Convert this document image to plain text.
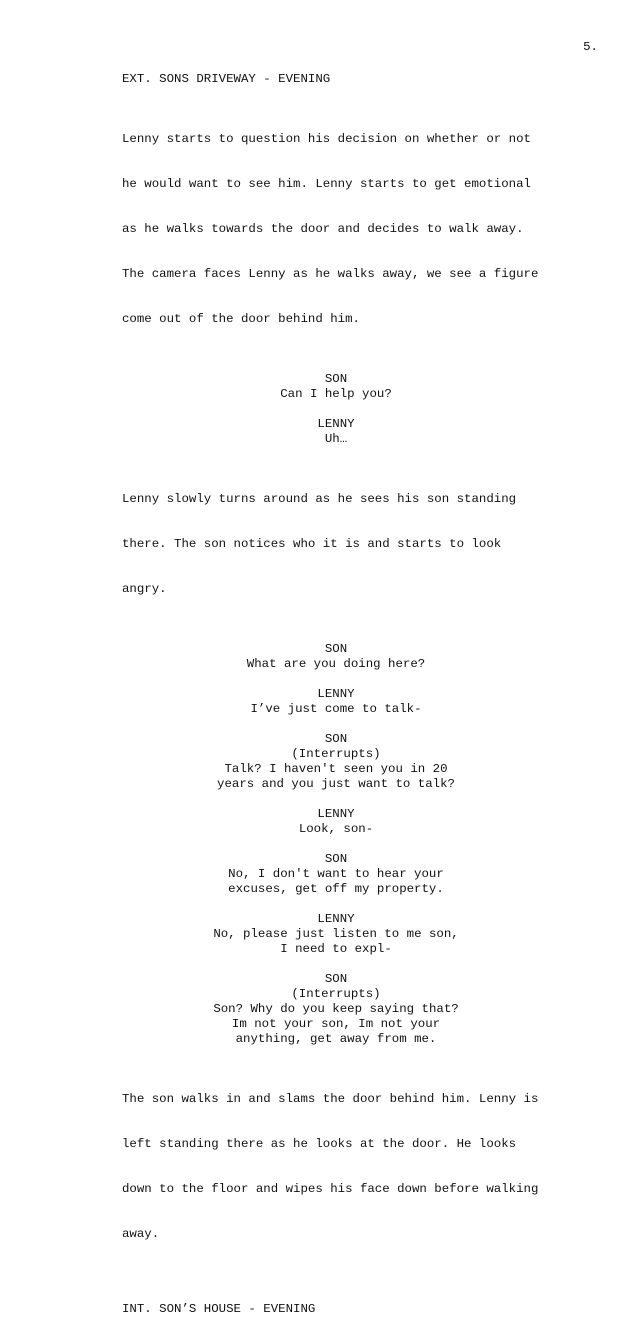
5.
EXT. SONS DRIVEWAY - EVENING

Lenny starts to question his decision on whether or not

he would want to see him. Lenny starts to get emotional

as he walks towards the door and decides to walk away.

The camera faces Lenny as he walks away, we see a figure

come out of the door behind him.

SON
Can I help you?
LENNY
Uh…

Lenny slowly turns around as he sees his son standing

there. The son notices who it is and starts to look

angry.

SON
What are you doing here?
LENNY
I’ve just come to talk-
SON
(Interrupts)
Talk? I haven't seen you in 20
years and you just want to talk?
LENNY
Look, son-
SON
No, I don't want to hear your
excuses, get off my property.
LENNY
No, please just listen to me son,
I need to expl-
SON
(Interrupts)
Son? Why do you keep saying that?
Im not your son, Im not your
anything, get away from me.

The son walks in and slams the door behind him. Lenny is

left standing there as he looks at the door. He looks

down to the floor and wipes his face down before walking

away.

INT. SON’S HOUSE - EVENING
